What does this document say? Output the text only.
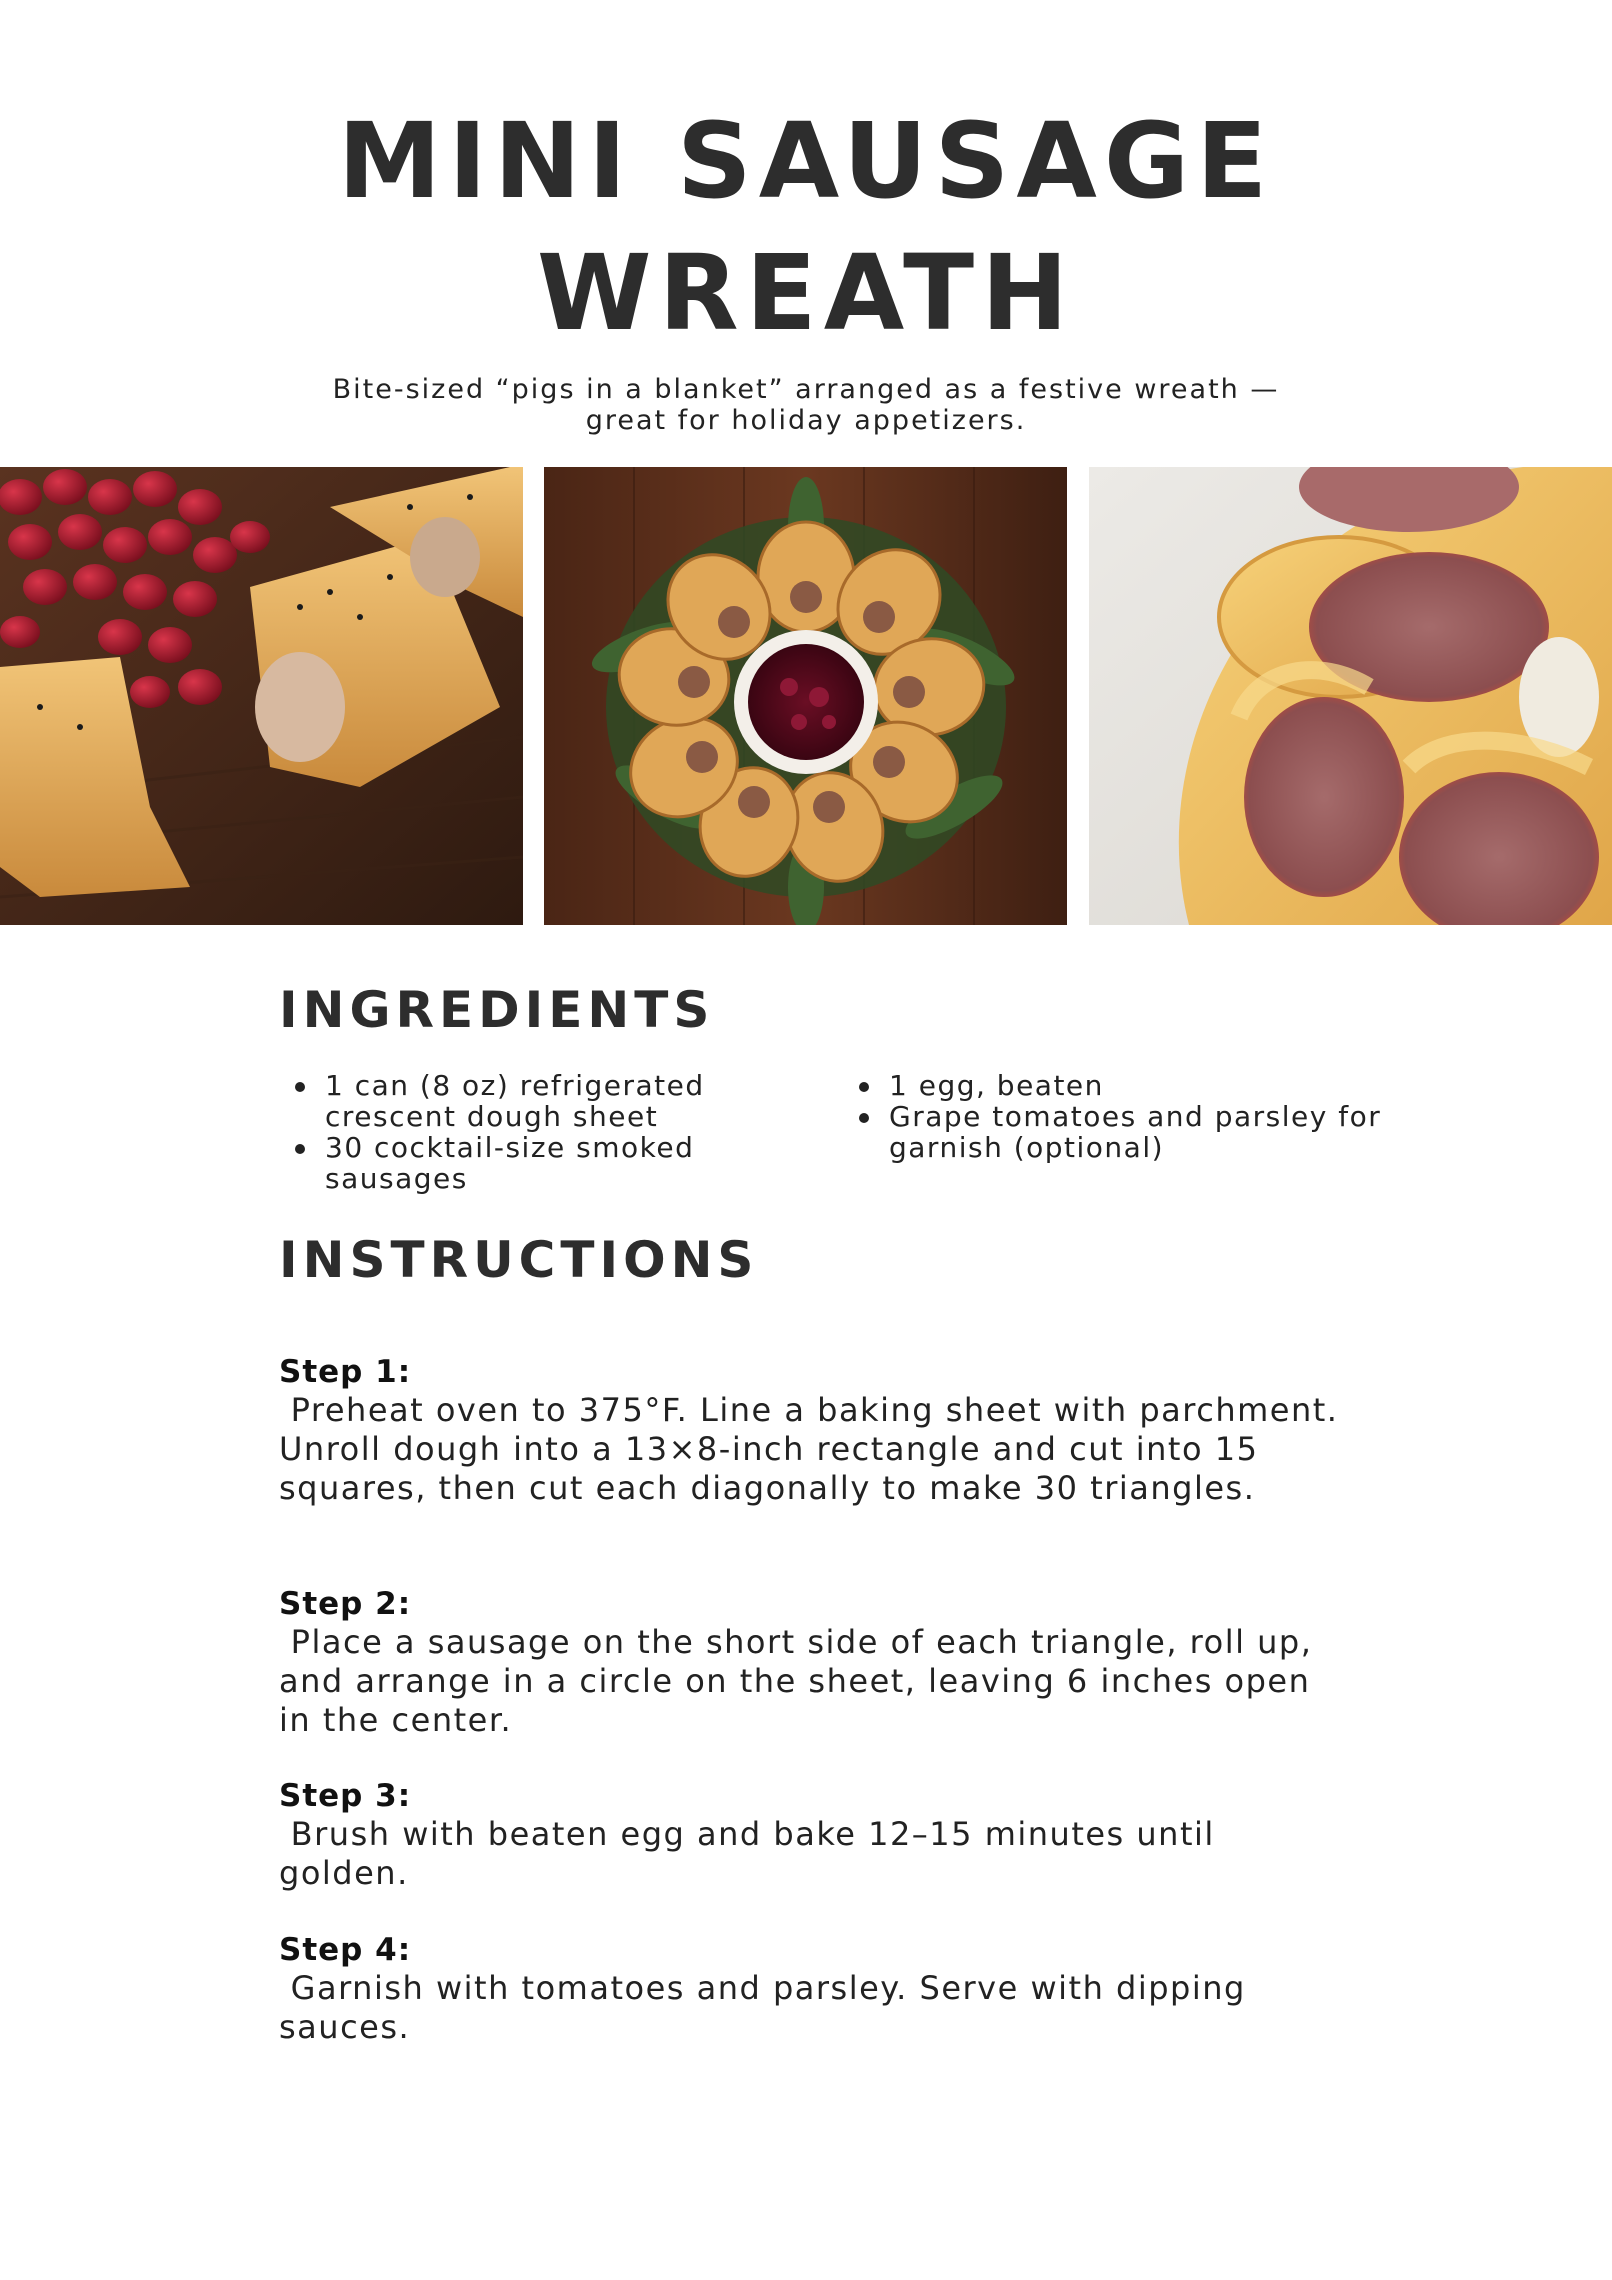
MINI SAUSAGE
WREATH

Bite-sized “pigs in a blanket” arranged as a festive wreath —
great for holiday appetizers.

INGREDIENTS
1 can (8 oz) refrigerated crescent dough sheet
30 cocktail-size smoked sausages
1 egg, beaten
Grape tomatoes and parsley for garnish (optional)
INSTRUCTIONS
Step 1:
Preheat oven to 375°F. Line a baking sheet with parchment. Unroll dough into a 13×8-inch rectangle and cut into 15 squares, then cut each diagonally to make 30 triangles.
Step 2:
Place a sausage on the short side of each triangle, roll up, and arrange in a circle on the sheet, leaving 6 inches open in the center.
Step 3:
Brush with beaten egg and bake 12–15 minutes until golden.
Step 4:
Garnish with tomatoes and parsley. Serve with dipping sauces.
